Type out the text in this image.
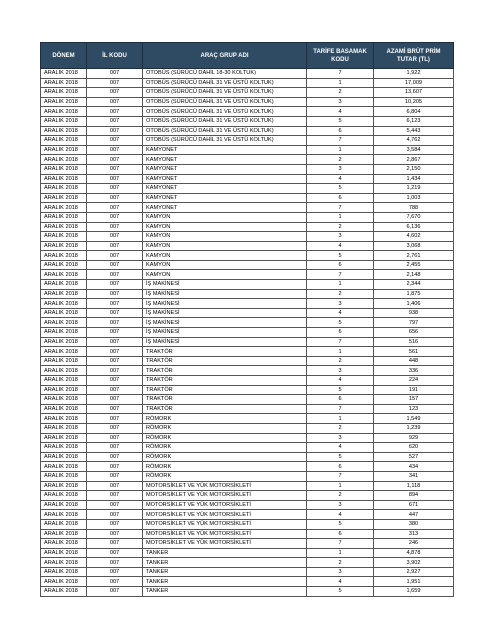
DÖNEM	İL KODU	ARAÇ GRUP ADI	TARİFE BASAMAK KODU	AZAMİ BRÜT PRİM TUTAR (TL)
ARALIK 2018	007	OTOBÜS (SÜRÜCÜ DAHİL 18-30 KOLTUK)	7	1,922
ARALIK 2018	007	OTOBÜS (SÜRÜCÜ DAHİL 31 VE ÜSTÜ KOLTUK)	1	17,009
ARALIK 2018	007	OTOBÜS (SÜRÜCÜ DAHİL 31 VE ÜSTÜ KOLTUK)	2	13,607
ARALIK 2018	007	OTOBÜS (SÜRÜCÜ DAHİL 31 VE ÜSTÜ KOLTUK)	3	10,205
ARALIK 2018	007	OTOBÜS (SÜRÜCÜ DAHİL 31 VE ÜSTÜ KOLTUK)	4	6,804
ARALIK 2018	007	OTOBÜS (SÜRÜCÜ DAHİL 31 VE ÜSTÜ KOLTUK)	5	6,123
ARALIK 2018	007	OTOBÜS (SÜRÜCÜ DAHİL 31 VE ÜSTÜ KOLTUK)	6	5,443
ARALIK 2018	007	OTOBÜS (SÜRÜCÜ DAHİL 31 VE ÜSTÜ KOLTUK)	7	4,762
ARALIK 2018	007	KAMYONET	1	3,584
ARALIK 2018	007	KAMYONET	2	2,867
ARALIK 2018	007	KAMYONET	3	2,150
ARALIK 2018	007	KAMYONET	4	1,434
ARALIK 2018	007	KAMYONET	5	1,219
ARALIK 2018	007	KAMYONET	6	1,003
ARALIK 2018	007	KAMYONET	7	788
ARALIK 2018	007	KAMYON	1	7,670
ARALIK 2018	007	KAMYON	2	6,136
ARALIK 2018	007	KAMYON	3	4,602
ARALIK 2018	007	KAMYON	4	3,068
ARALIK 2018	007	KAMYON	5	2,761
ARALIK 2018	007	KAMYON	6	2,455
ARALIK 2018	007	KAMYON	7	2,148
ARALIK 2018	007	İŞ MAKİNESİ	1	2,344
ARALIK 2018	007	İŞ MAKİNESİ	2	1,875
ARALIK 2018	007	İŞ MAKİNESİ	3	1,406
ARALIK 2018	007	İŞ MAKİNESİ	4	938
ARALIK 2018	007	İŞ MAKİNESİ	5	797
ARALIK 2018	007	İŞ MAKİNESİ	6	656
ARALIK 2018	007	İŞ MAKİNESİ	7	516
ARALIK 2018	007	TRAKTÖR	1	561
ARALIK 2018	007	TRAKTÖR	2	448
ARALIK 2018	007	TRAKTÖR	3	336
ARALIK 2018	007	TRAKTÖR	4	224
ARALIK 2018	007	TRAKTÖR	5	191
ARALIK 2018	007	TRAKTÖR	6	157
ARALIK 2018	007	TRAKTÖR	7	123
ARALIK 2018	007	RÖMORK	1	1,549
ARALIK 2018	007	RÖMORK	2	1,239
ARALIK 2018	007	RÖMORK	3	929
ARALIK 2018	007	RÖMORK	4	620
ARALIK 2018	007	RÖMORK	5	527
ARALIK 2018	007	RÖMORK	6	434
ARALIK 2018	007	RÖMORK	7	341
ARALIK 2018	007	MOTORSİKLET VE YÜK MOTORSİKLETİ	1	1,118
ARALIK 2018	007	MOTORSİKLET VE YÜK MOTORSİKLETİ	2	894
ARALIK 2018	007	MOTORSİKLET VE YÜK MOTORSİKLETİ	3	671
ARALIK 2018	007	MOTORSİKLET VE YÜK MOTORSİKLETİ	4	447
ARALIK 2018	007	MOTORSİKLET VE YÜK MOTORSİKLETİ	5	380
ARALIK 2018	007	MOTORSİKLET VE YÜK MOTORSİKLETİ	6	313
ARALIK 2018	007	MOTORSİKLET VE YÜK MOTORSİKLETİ	7	246
ARALIK 2018	007	TANKER	1	4,878
ARALIK 2018	007	TANKER	2	3,902
ARALIK 2018	007	TANKER	3	2,927
ARALIK 2018	007	TANKER	4	1,951
ARALIK 2018	007	TANKER	5	1,659
